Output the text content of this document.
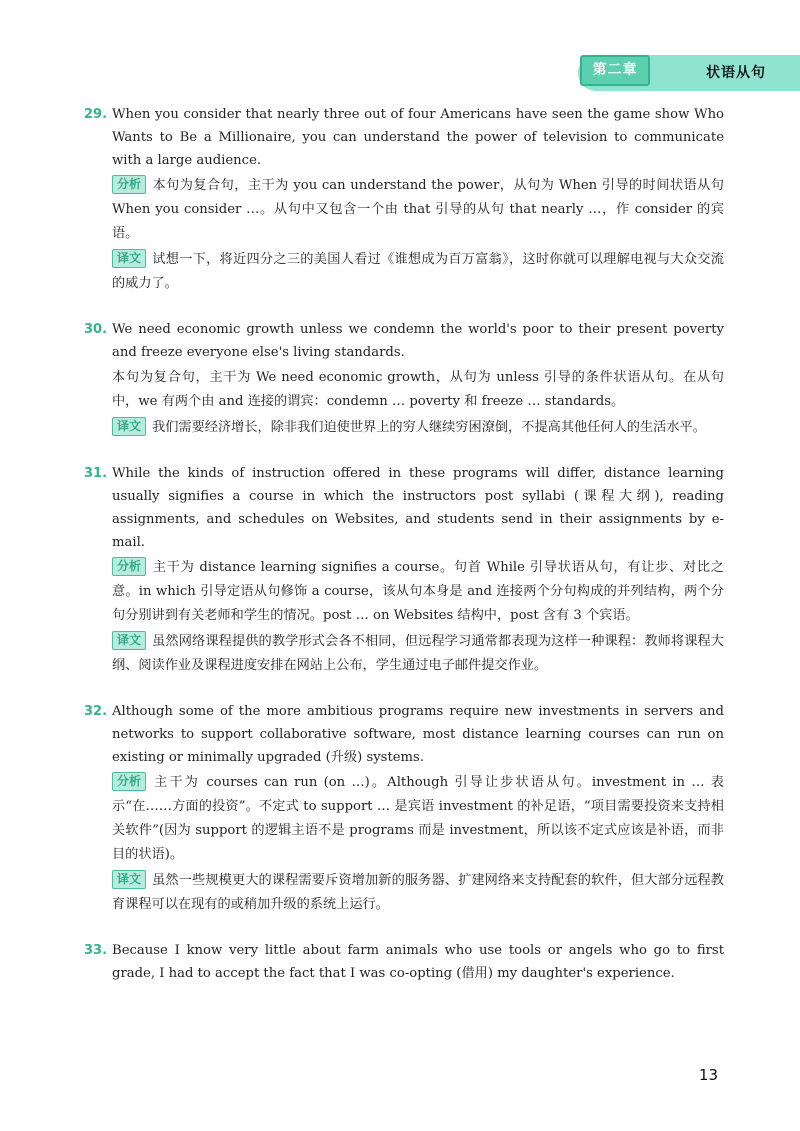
第二章	状语从句
29. When you consider that nearly three out of four Americans have seen the game show Who Wants to Be a Millionaire, you can understand the power of television to communicate with a large audience.
分析 本句为复合句，主干为 you can understand the power，从句为 When 引导的时间状语从句 When you consider …。从句中又包含一个由 that 引导的从句 that nearly …，作 consider 的宾语。
译文 试想一下，将近四分之三的美国人看过《谁想成为百万富翁》，这时你就可以理解电视与大众交流的威力了。
30. We need economic growth unless we condemn the world's poor to their present poverty and freeze everyone else's living standards.
本句为复合句，主干为 We need economic growth，从句为 unless 引导的条件状语从句。在从句中，we 有两个由 and 连接的谓宾：condemn … poverty 和 freeze … standards。
译文 我们需要经济增长，除非我们迫使世界上的穷人继续穷困潦倒，不提高其他任何人的生活水平。
31. While the kinds of instruction offered in these programs will differ, distance learning usually signifies a course in which the instructors post syllabi (课程大纲), reading assignments, and schedules on Websites, and students send in their assignments by e-mail.
分析 主干为 distance learning signifies a course。句首 While 引导状语从句，有让步、对比之意。in which 引导定语从句修饰 a course，该从句本身是 and 连接两个分句构成的并列结构，两个分句分别讲到有关老师和学生的情况。post … on Websites 结构中，post 含有 3 个宾语。
译文 虽然网络课程提供的教学形式会各不相同，但远程学习通常都表现为这样一种课程：教师将课程大纲、阅读作业及课程进度安排在网站上公布，学生通过电子邮件提交作业。
32. Although some of the more ambitious programs require new investments in servers and networks to support collaborative software, most distance learning courses can run on existing or minimally upgraded (升级) systems.
分析 主干为 courses can run (on …)。Although 引导让步状语从句。investment in … 表示“在……方面的投资”。不定式 to support … 是宾语 investment 的补足语，“项目需要投资来支持相关软件”(因为 support 的逻辑主语不是 programs 而是 investment，所以该不定式应该是补语，而非目的状语)。
译文 虽然一些规模更大的课程需要斥资增加新的服务器、扩建网络来支持配套的软件，但大部分远程教育课程可以在现有的或稍加升级的系统上运行。
33. Because I know very little about farm animals who use tools or angels who go to first grade, I had to accept the fact that I was co-opting (借用) my daughter's experience.
13
